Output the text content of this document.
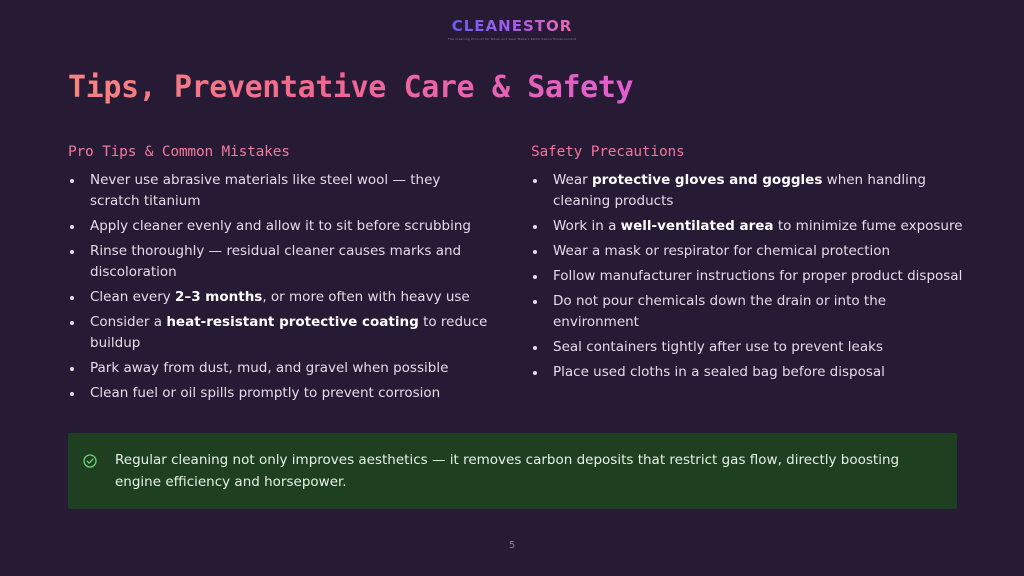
CLEANESTOR
The Cleaning Product for Bikes and Gear Makers Performance Enhancement
Tips, Preventative Care & Safety
Pro Tips & Common Mistakes
Never use abrasive materials like steel wool — they scratch titanium
Apply cleaner evenly and allow it to sit before scrubbing
Rinse thoroughly — residual cleaner causes marks and discoloration
Clean every 2–3 months, or more often with heavy use
Consider a heat-resistant protective coating to reduce buildup
Park away from dust, mud, and gravel when possible
Clean fuel or oil spills promptly to prevent corrosion
Safety Precautions
Wear protective gloves and goggles when handling cleaning products
Work in a well-ventilated area to minimize fume exposure
Wear a mask or respirator for chemical protection
Follow manufacturer instructions for proper product disposal
Do not pour chemicals down the drain or into the environment
Seal containers tightly after use to prevent leaks
Place used cloths in a sealed bag before disposal

Regular cleaning not only improves aesthetics — it removes carbon deposits that restrict gas flow, directly boosting engine efficiency and horsepower.

5
